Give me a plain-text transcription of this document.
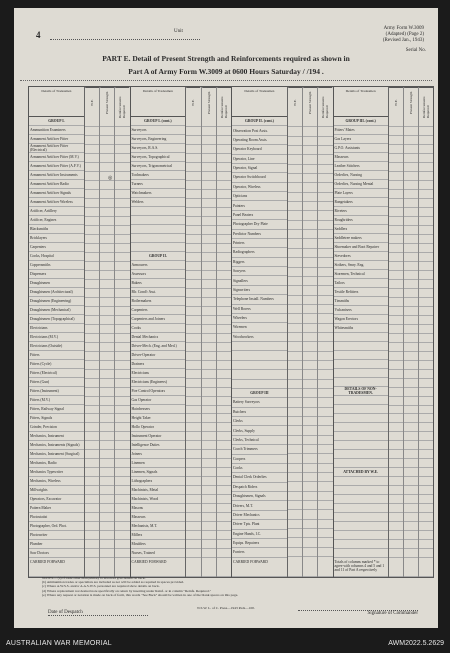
4	Unit
Army Form W.3009
(Adapted) (Page 2)
(Revised Jan., 1943)
Serial No.
PART E. Detail of Present Strength and Reinforcements required as shown in
Part A of Army Form W.3009 at 0600 Hours Saturday / /194 .
Details of Tradesmen
GROUP I.
Ammunition Examiners
Armament Artificer Fitter
Armament Artificer Fitter (Electrical)
Armament Artificer Fitter (M.V.)
Armament Artificer Fitter (A.F.V.)
Armament Artificer Instruments
Armament Artificer Radio
Armament Artificer Signals
Armament Artificer Wireless
Artificer, Artillery
Artificer, Engines
Blacksmiths
Bricklayers
Carpenters
Cooks, Hospital
Coppersmiths
Dispensers
Draughtsmen
Draughtsmen (Architectural)
Draughtsmen (Engineering)
Draughtsmen (Mechanical)
Draughtsmen (Topographical)
Electricians
Electricians (M.V.)
Electricians (Outside)
Fitters
Fitters (Cycle)
Fitters (Electrical)
Fitters (Gun)
Fitters (Instrument)
Fitters (M.V.)
Fitters, Railway Signal
Fitters, Signals
Grinder, Precision
Mechanics, Instrument
Mechanics, Instruments (Signals)
Mechanics, Instrument (Surgical)
Mechanics, Radio
Mechanics Typewriter
Mechanics, Wireless
Millwrights
Operators, Excavator
Pattern Maker
Photostatist
Photographer, Ord. Phot.
Photowriter
Plumber
Saw Doctors
CARRIED FORWARD
W.E.	Present Strength	Reinforcements Required
Details of Tradesmen
GROUP I. (cont.)
Surveyors
Surveyors, Engineering
Surveyors, R.A.S.
Surveyors, Topographical
Surveyors, Trigonometrical
Toolmakers
Turners
Watchmakers
Welders
GROUP II.
Armourers
Assessors
Bakers
Blr. Cond'r Asst.
Boilermakers
Carpenters
Carpenters and Joiners
Cooks
Dental Mechanics
Driver-Mech. (Eng. and Med.)
Driver-Operator
Drainers
Electricians
Electricians (Engineers)
Fire Control Operators
Gas Operator
Hairdressers
Height Taker
Hollo Operator
Instrument Operator
Intelligence Duties
Joiners
Linemen
Linemen, Signals
Lithographers
Machinists, Metal
Machinists, Wood
Masons
Masseurs
Mechanists, M.T.
Millers
Moulders
Nurses, Trained
CARRIED FORWARD
W.E.	Present Strength	Reinforcements Required
Details of Tradesmen
GROUP II. (cont.)
Observation Post Assts.
Operating Room Assts.
Operator Keyboard
Operator, Line
Operator, Signal
Operator Switchboard
Operator, Wireless
Opticians
Painters
Panel Beaters
Photographer Dry Plate
Predictor Numbers
Printers
Radiographers
Riggers
Sawyers
Signallers
Signwriters
Telephone Install. Numbers
Well Borers
Wheelers
Wiremen
Woodworkers
GROUP III
Battery Surveyors
Butchers
Clerks
Clerks, Supply
Clerks, Technical
Coach Trimmers
Coopers
Cooks
Dental Clerk Orderlies
Despatch Riders
Draughtsmen, Signals
Drivers, M.T.
Driver Mechanics
Driver Tpts. Plant
Engine Hands, I.C.
Equips. Repairers
Farriers
CARRIED FORWARD
W.E.	Present Strength	Reinforcements Required
Details of Tradesmen
GROUP III. (cont.)
Fitters' Mates
Gas Layers
G.P.O. Assistants
Masseurs
Leather Stitchers
Orderlies, Nursing
Orderlies, Nursing Mental
Plate Layers
Rangetakers
Riveters
Roughriders
Saddlers
Saddletree makers
Shoemaker and Boot Repairer
Stevedores
Strikers, Smry. Eng.
Storemen, Technical
Tailors
Textile Refitters
Tinsmiths
Vulcanisers
Wagon Erectors
Whitesmiths
DETAILS OF NON-TRADESMEN.
ATTACHED BY W.E.
Totals of columns marked * to agree with columns 4 and 5 and 1 and 11 of Part A respectively
W.E.	Present Strength	Reinforcements Required
◎
NOTES— (a) If trade other than primary is involved give details on back.
(b) Ammunition trades or specialists are included as not will be added as required in spaces provided.
(c) Where A.W.S.S. and/or A.A.S.W.S. personnel are required show details on back.
(d) Where replacement not desired note specifically on return by inserting under Reinf. or in column "Reinfs. Required."
(e) Where any request or notation is made on back of form, this words "See Back" should be written in one of the blank spaces on this page.
N.S.W. L. of C. Press—1943 Pads—100.
Date of Despatch	Signature of Commander
AUSTRALIAN WAR MEMORIAL	AWM2022.5.2629
